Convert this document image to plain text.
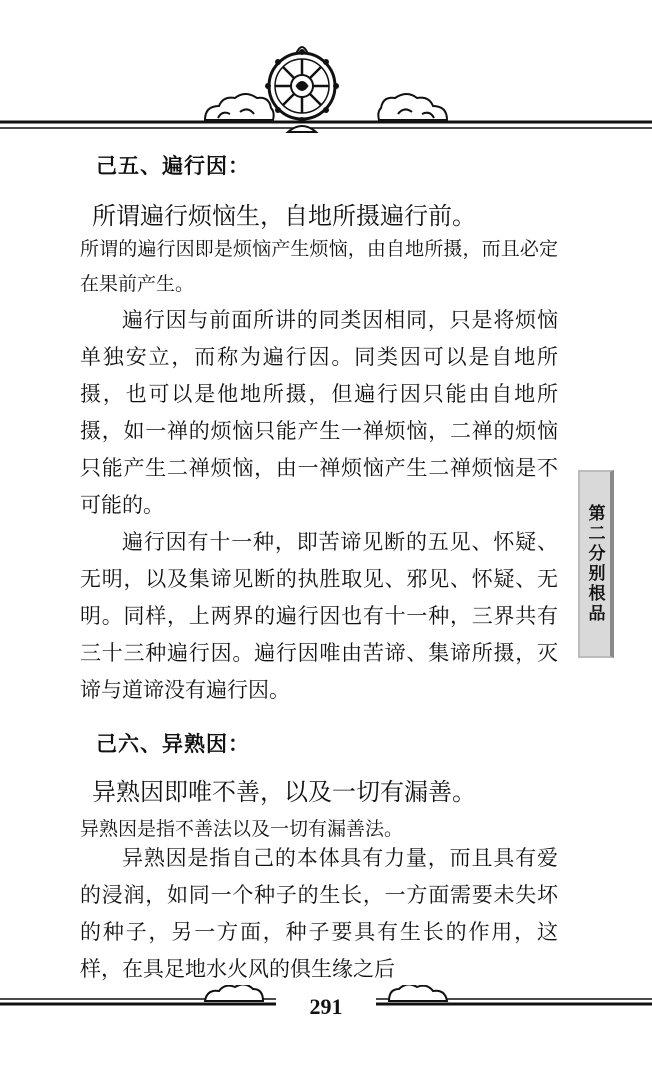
己五、遍行因：
所谓遍行烦恼生，自地所摄遍行前。
所谓的遍行因即是烦恼产生烦恼，由自地所摄，而且必定在果前产生。

遍行因与前面所讲的同类因相同，只是将烦恼单独安立，而称为遍行因。同类因可以是自地所摄，也可以是他地所摄，但遍行因只能由自地所摄，如一禅的烦恼只能产生一禅烦恼，二禅的烦恼只能产生二禅烦恼，由一禅烦恼产生二禅烦恼是不可能的。

遍行因有十一种，即苦谛见断的五见、怀疑、无明，以及集谛见断的执胜取见、邪见、怀疑、无明。同样，上两界的遍行因也有十一种，三界共有三十三种遍行因。遍行因唯由苦谛、集谛所摄，灭谛与道谛没有遍行因。

己六、异熟因：
异熟因即唯不善，以及一切有漏善。
异熟因是指不善法以及一切有漏善法。

异熟因是指自己的本体具有力量，而且具有爱的浸润，如同一个种子的生长，一方面需要未失坏的种子，另一方面，种子要具有生长的作用，这样，在具足地水火风的俱生缘之后

第二分别根品
291
